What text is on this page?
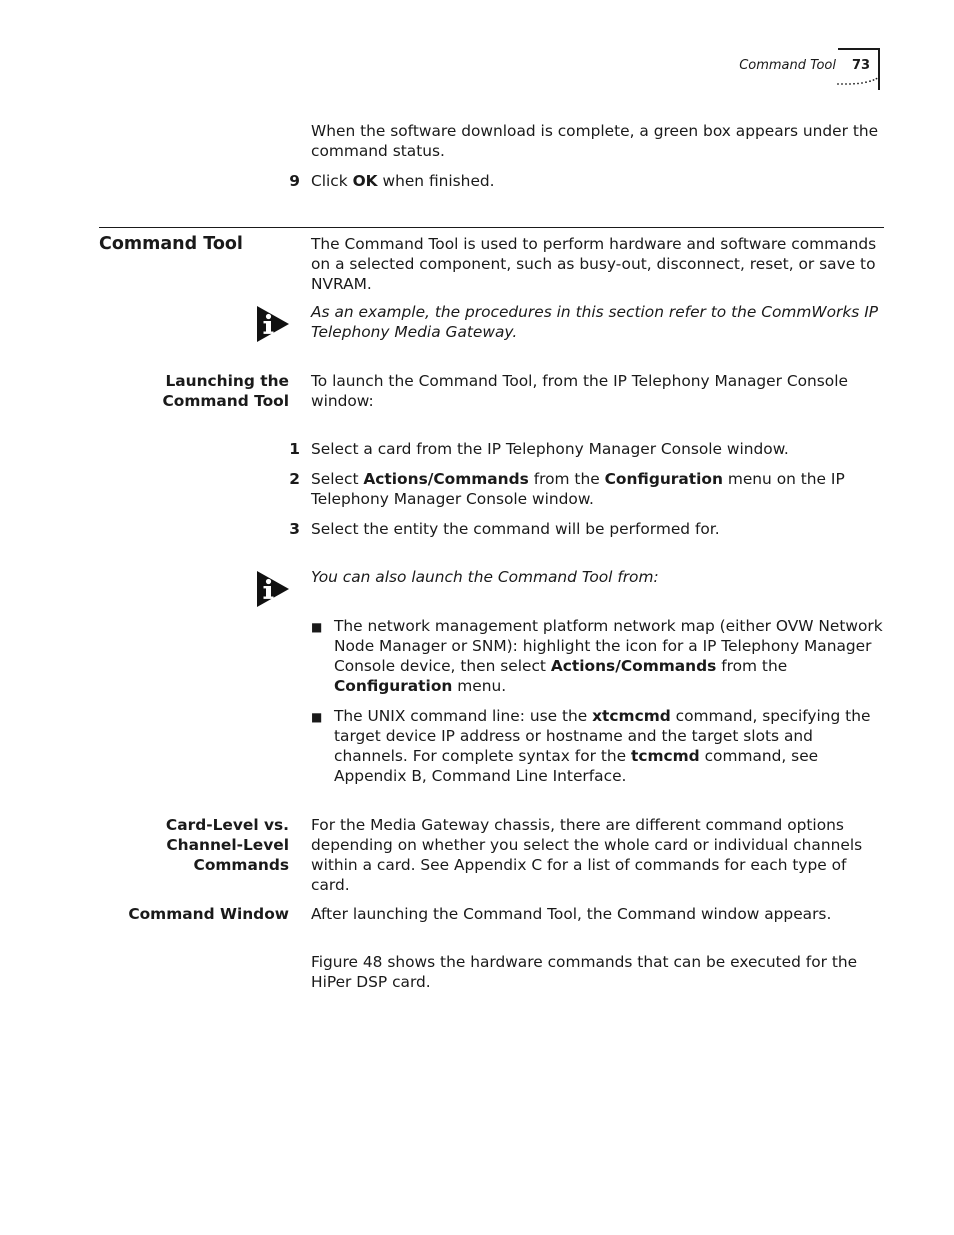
Command Tool 73
When the software download is complete, a green box appears under the command status.
9 Click OK when finished.
Command Tool	The Command Tool is used to perform hardware and software commands on a selected component, such as busy-out, disconnect, reset, or save to NVRAM.
As an example, the procedures in this section refer to the CommWorks IP Telephony Media Gateway.
Launching the
Command Tool
To launch the Command Tool, from the IP Telephony Manager Console window:
1 Select a card from the IP Telephony Manager Console window.
2 Select Actions/Commands from the Configuration menu on the IP Telephony Manager Console window.
3 Select the entity the command will be performed for.
You can also launch the Command Tool from:
■ The network management platform network map (either OVW Network Node Manager or SNM): highlight the icon for a IP Telephony Manager Console device, then select Actions/Commands from the Configuration menu.
■ The UNIX command line: use the xtcmcmd command, specifying the target device IP address or hostname and the target slots and channels. For complete syntax for the tcmcmd command, see Appendix B, Command Line Interface.
Card-Level vs.
Channel-Level
Commands
For the Media Gateway chassis, there are different command options depending on whether you select the whole card or individual channels within a card. See Appendix C for a list of commands for each type of card.
Command Window After launching the Command Tool, the Command window appears.
Figure 48 shows the hardware commands that can be executed for the HiPer DSP card.
